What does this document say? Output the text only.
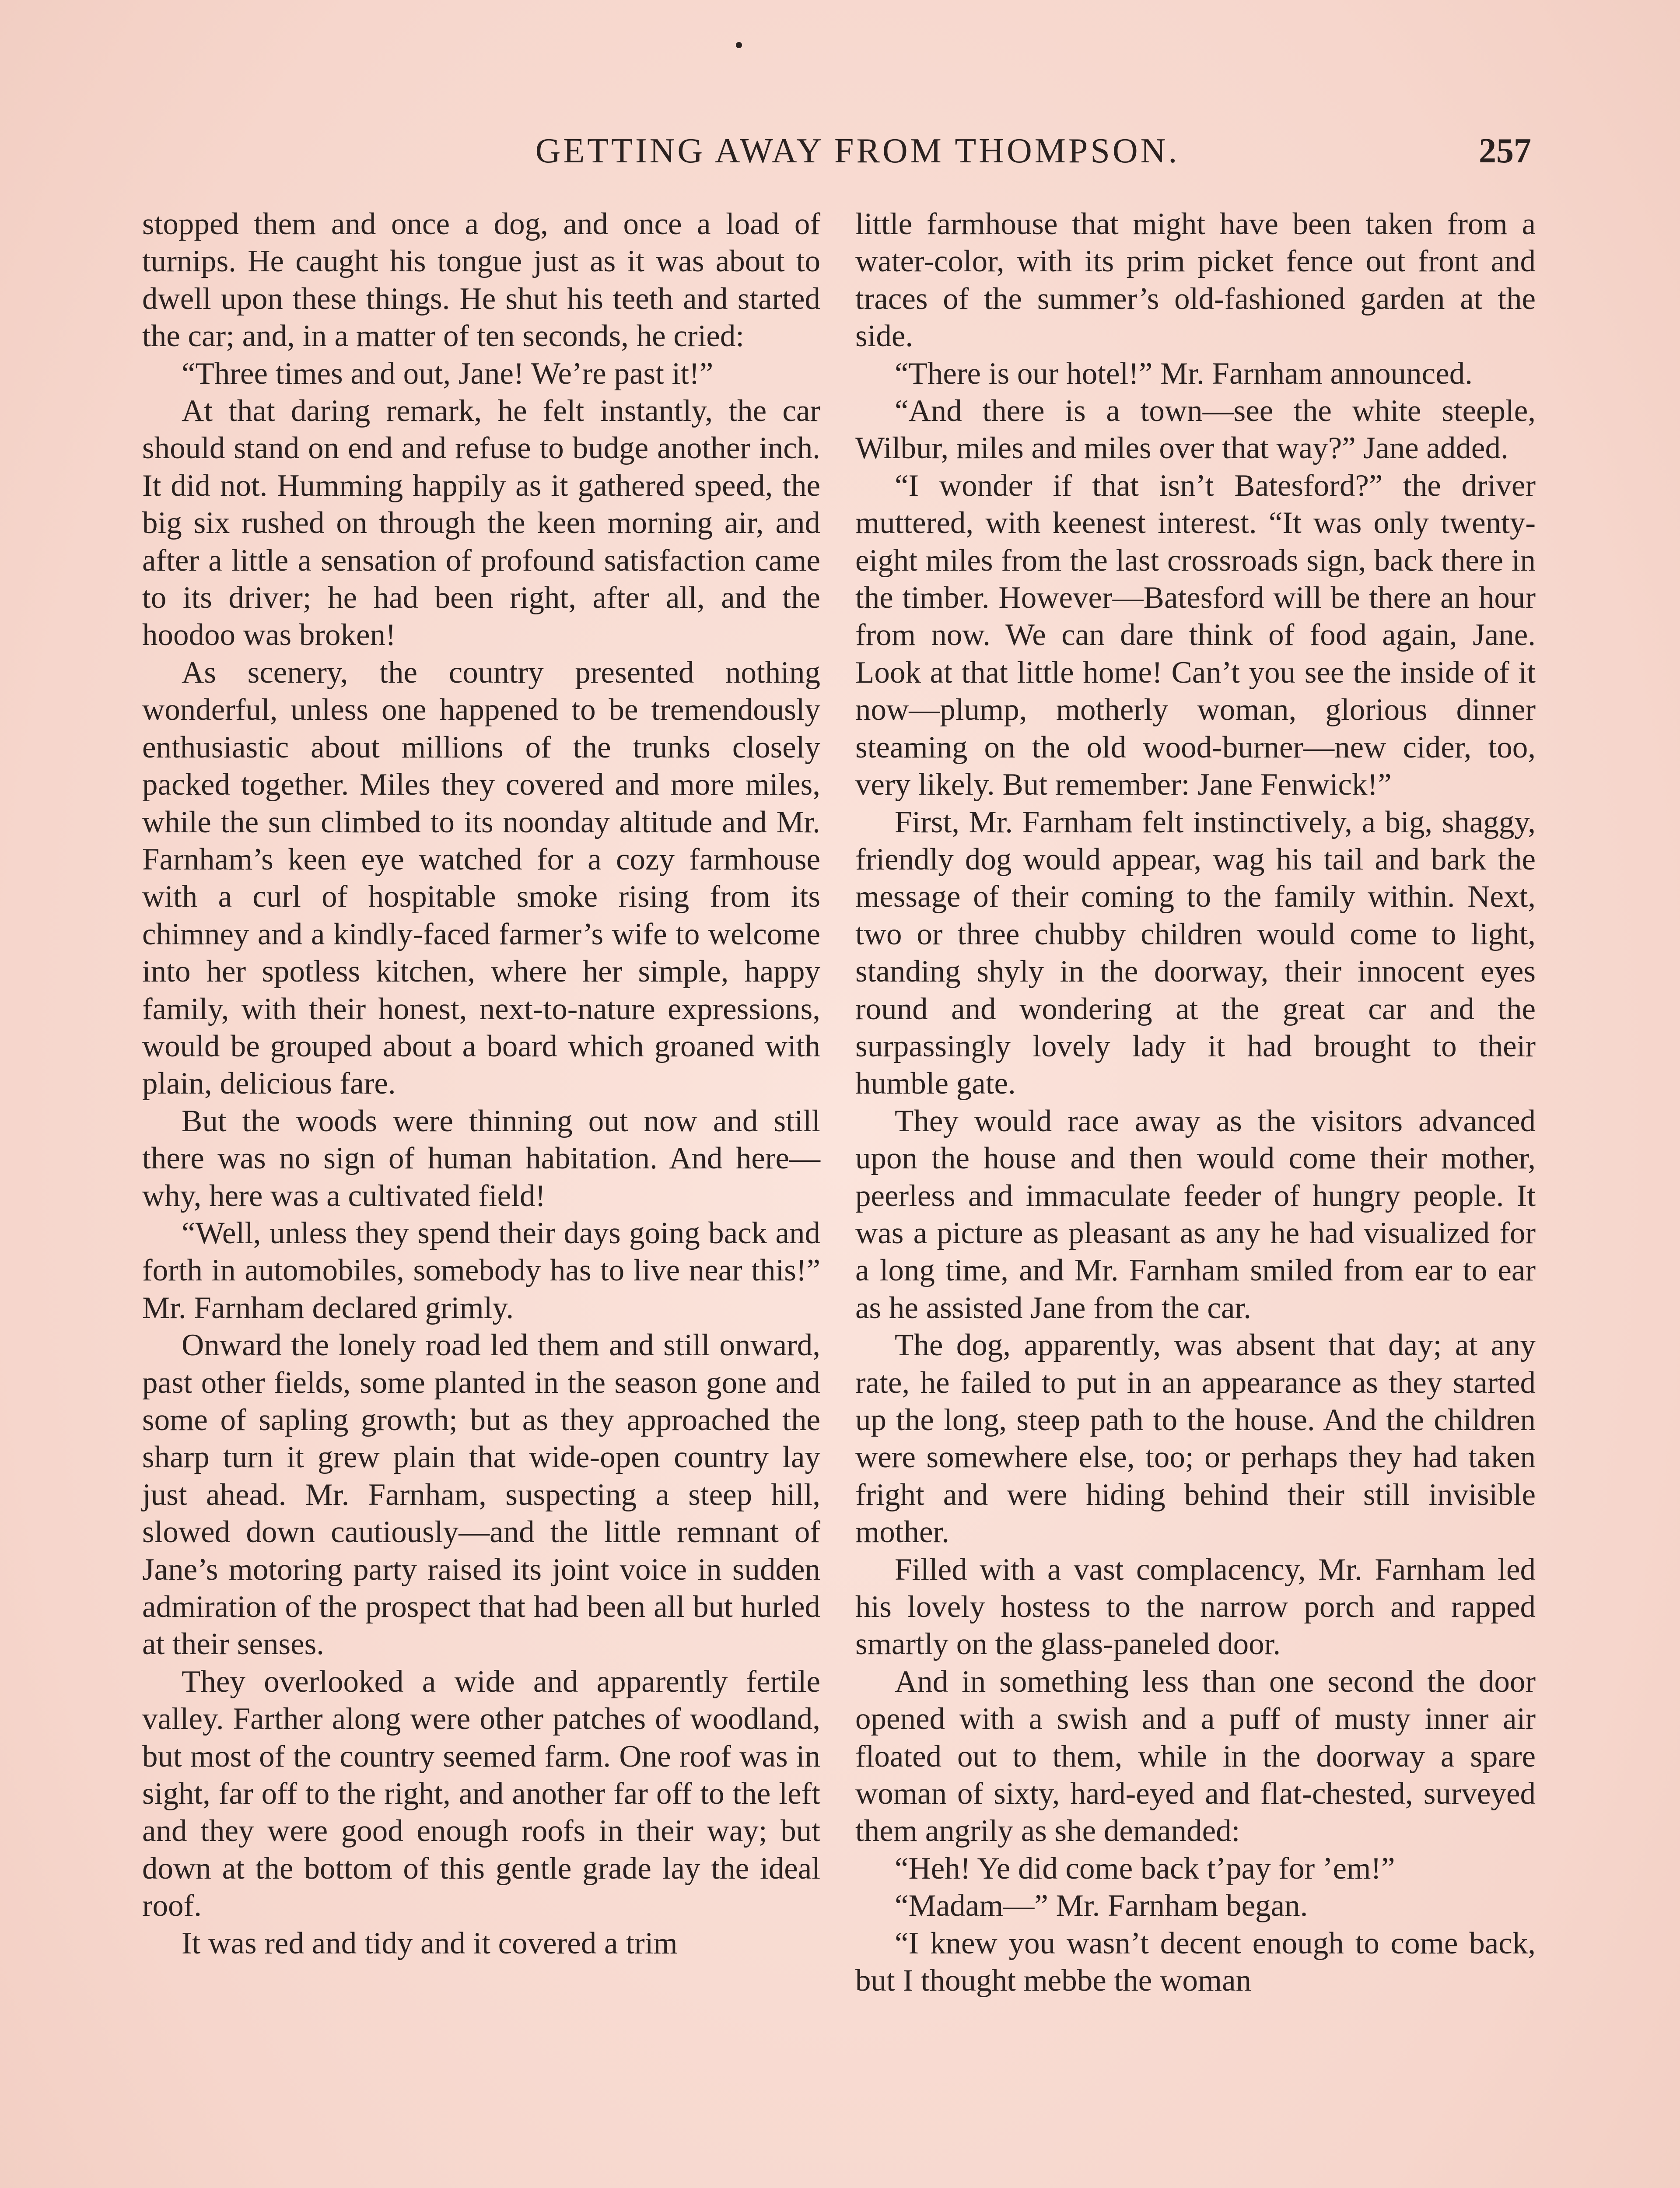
GETTING AWAY FROM THOMPSON.	257

stopped them and once a dog, and once a load of turnips. He caught his tongue just as it was about to dwell upon these things. He shut his teeth and started the car; and, in a matter of ten seconds, he cried:

“Three times and out, Jane! We’re past it!”

At that daring remark, he felt instantly, the car should stand on end and refuse to budge another inch. It did not. Humming happily as it gathered speed, the big six rushed on through the keen morning air, and after a little a sensation of profound satisfaction came to its driver; he had been right, after all, and the hoodoo was broken!

As scenery, the country presented nothing wonderful, unless one happened to be tremendously enthusiastic about millions of the trunks closely packed together. Miles they covered and more miles, while the sun climbed to its noonday altitude and Mr. Farnham’s keen eye watched for a cozy farmhouse with a curl of hospitable smoke rising from its chimney and a kindly-faced farmer’s wife to welcome into her spotless kitchen, where her simple, happy family, with their honest, next-to-nature expressions, would be grouped about a board which groaned with plain, delicious fare.

But the woods were thinning out now and still there was no sign of human habitation. And here—why, here was a cultivated field!

“Well, unless they spend their days going back and forth in automobiles, somebody has to live near this!” Mr. Farnham declared grimly.

Onward the lonely road led them and still onward, past other fields, some planted in the season gone and some of sapling growth; but as they approached the sharp turn it grew plain that wide-open country lay just ahead. Mr. Farnham, suspecting a steep hill, slowed down cautiously—and the little remnant of Jane’s motoring party raised its joint voice in sudden admiration of the prospect that had been all but hurled at their senses.

They overlooked a wide and apparently fertile valley. Farther along were other patches of woodland, but most of the country seemed farm. One roof was in sight, far off to the right, and another far off to the left and they were good enough roofs in their way; but down at the bottom of this gentle grade lay the ideal roof.

It was red and tidy and it covered a trim

little farmhouse that might have been taken from a water-color, with its prim picket fence out front and traces of the summer’s old-fashioned garden at the side.

“There is our hotel!” Mr. Farnham announced.

“And there is a town—see the white steeple, Wilbur, miles and miles over that way?” Jane added.

“I wonder if that isn’t Batesford?” the driver muttered, with keenest interest. “It was only twenty-eight miles from the last crossroads sign, back there in the timber. However—Batesford will be there an hour from now. We can dare think of food again, Jane. Look at that little home! Can’t you see the inside of it now—plump, motherly woman, glorious dinner steaming on the old wood-burner—new cider, too, very likely. But remember: Jane Fenwick!”

First, Mr. Farnham felt instinctively, a big, shaggy, friendly dog would appear, wag his tail and bark the message of their coming to the family within. Next, two or three chubby children would come to light, standing shyly in the doorway, their innocent eyes round and wondering at the great car and the surpassingly lovely lady it had brought to their humble gate.

They would race away as the visitors advanced upon the house and then would come their mother, peerless and immaculate feeder of hungry people. It was a picture as pleasant as any he had visualized for a long time, and Mr. Farnham smiled from ear to ear as he assisted Jane from the car.

The dog, apparently, was absent that day; at any rate, he failed to put in an appearance as they started up the long, steep path to the house. And the children were somewhere else, too; or perhaps they had taken fright and were hiding behind their still invisible mother.

Filled with a vast complacency, Mr. Farnham led his lovely hostess to the narrow porch and rapped smartly on the glass-paneled door.

And in something less than one second the door opened with a swish and a puff of musty inner air floated out to them, while in the doorway a spare woman of sixty, hard-eyed and flat-chested, surveyed them angrily as she demanded:

“Heh! Ye did come back t’pay for ’em!”

“Madam—” Mr. Farnham began.

“I knew you wasn’t decent enough to come back, but I thought mebbe the woman
